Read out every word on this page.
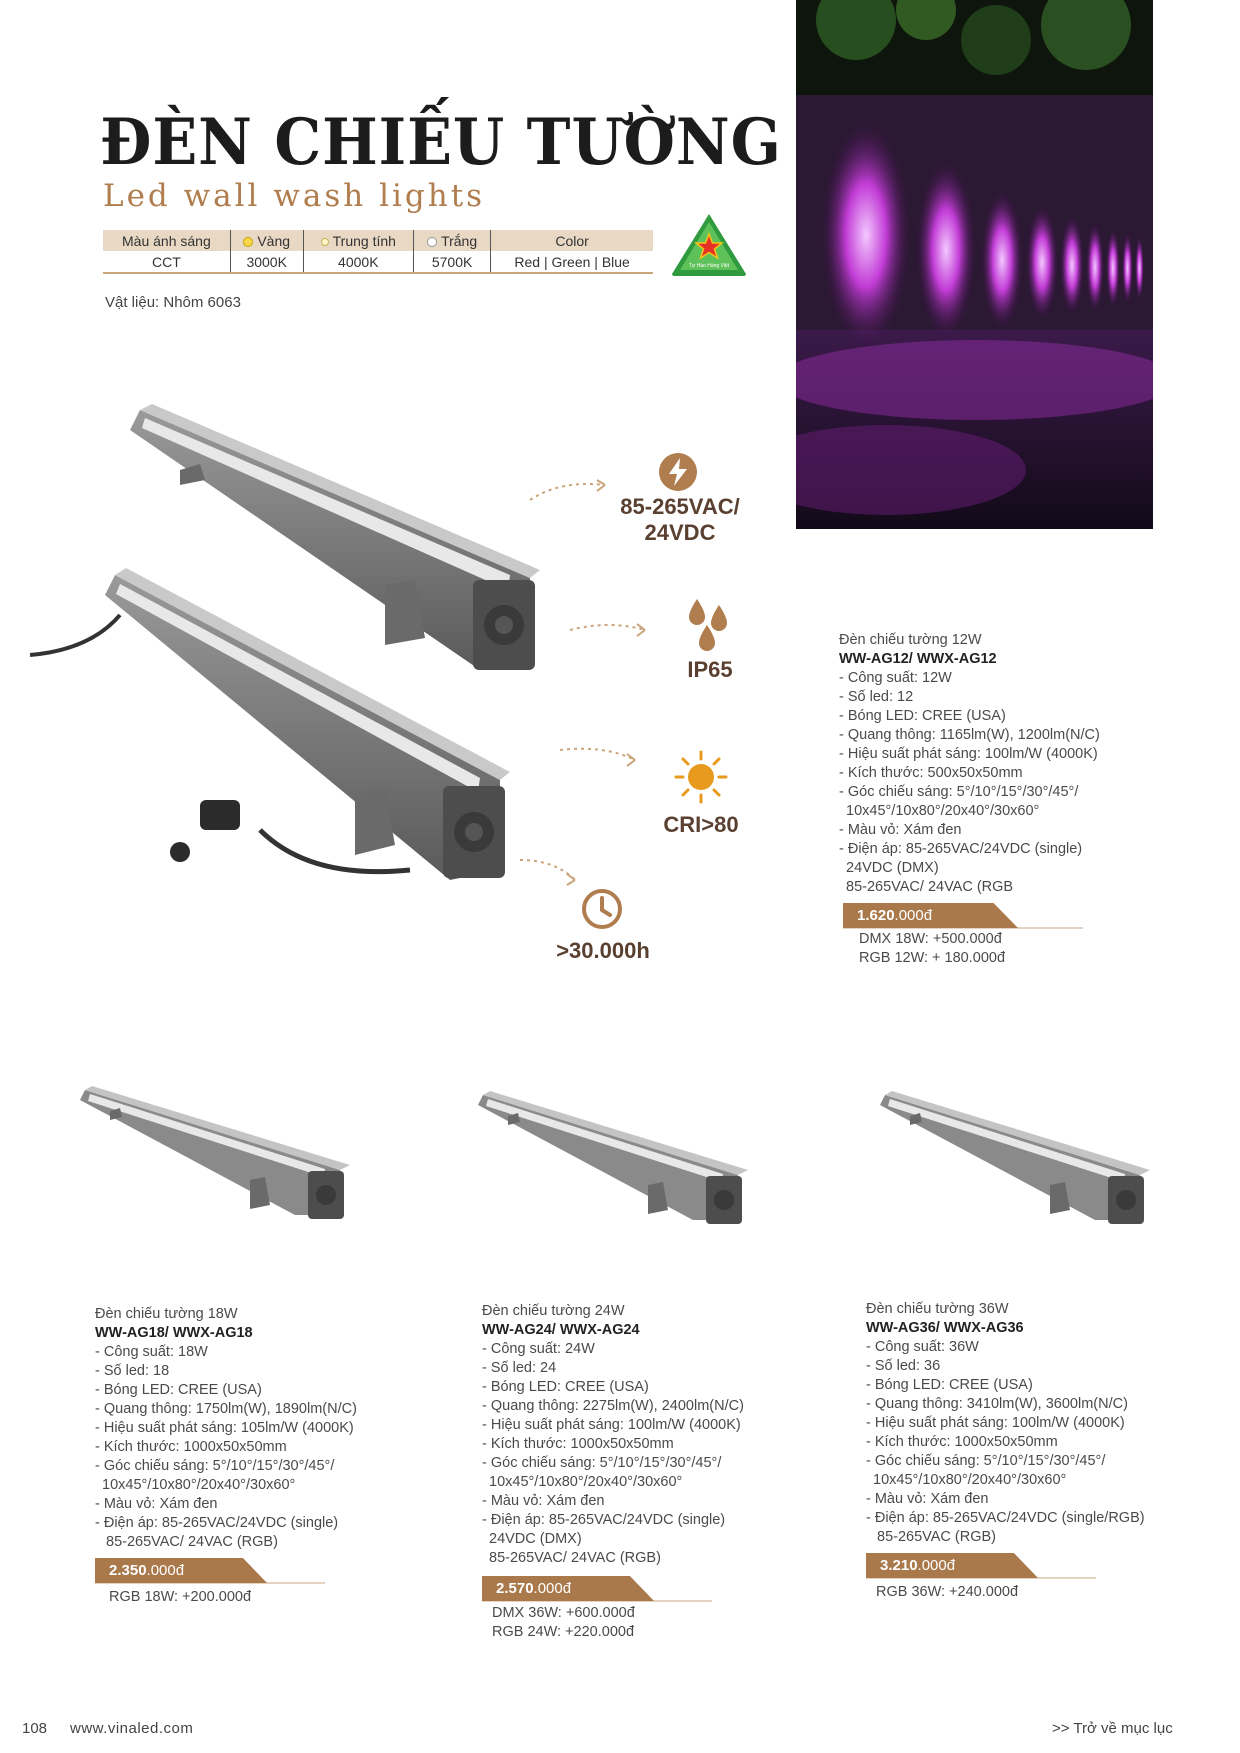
ĐÈN CHIẾU TƯỜNG
Led wall wash lights
Màu ánh sáng	Vàng	Trung tính	Trắng	Color
CCT	3000K	4000K	5700K	Red | Green | Blue	Tự Hào Hàng Việt
Vật liệu: Nhôm 6063
85-265VAC/
24VDC
IP65
CRI>80
>30.000h
Đèn chiếu tường 12W
WW-AG12/ WWX-AG12
- Công suất: 12W
- Số led: 12
- Bóng LED: CREE (USA)
- Quang thông: 1165lm(W), 1200lm(N/C)
- Hiệu suất phát sáng: 100lm/W (4000K)
- Kích thước: 500x50x50mm
- Góc chiếu sáng: 5°/10°/15°/30°/45°/
10x45°/10x80°/20x40°/30x60°
- Màu vỏ: Xám đen
- Điện áp: 85-265VAC/24VDC (single)
24VDC (DMX)
85-265VAC/ 24VAC (RGB
1.620.000đ
DMX 18W: +500.000đ
RGB 12W: + 180.000đ
Đèn chiếu tường 18W
WW-AG18/ WWX-AG18
- Công suất: 18W
- Số led: 18
- Bóng LED: CREE (USA)
- Quang thông: 1750lm(W), 1890lm(N/C)
- Hiệu suất phát sáng: 105lm/W (4000K)
- Kích thước: 1000x50x50mm
- Góc chiếu sáng: 5°/10°/15°/30°/45°/
10x45°/10x80°/20x40°/30x60°
- Màu vỏ: Xám đen
- Điện áp: 85-265VAC/24VDC (single)
85-265VAC/ 24VAC (RGB)
2.350.000đ
RGB 18W: +200.000đ
Đèn chiếu tường 24W
WW-AG24/ WWX-AG24
- Công suất: 24W
- Số led: 24
- Bóng LED: CREE (USA)
- Quang thông: 2275lm(W), 2400lm(N/C)
- Hiệu suất phát sáng: 100lm/W (4000K)
- Kích thước: 1000x50x50mm
- Góc chiếu sáng: 5°/10°/15°/30°/45°/
10x45°/10x80°/20x40°/30x60°
- Màu vỏ: Xám đen
- Điện áp: 85-265VAC/24VDC (single)
24VDC (DMX)
85-265VAC/ 24VAC (RGB)
2.570.000đ
DMX 36W: +600.000đ
RGB 24W: +220.000đ
Đèn chiếu tường 36W
WW-AG36/ WWX-AG36
- Công suất: 36W
- Số led: 36
- Bóng LED: CREE (USA)
- Quang thông: 3410lm(W), 3600lm(N/C)
- Hiệu suất phát sáng: 100lm/W (4000K)
- Kích thước: 1000x50x50mm
- Góc chiếu sáng: 5°/10°/15°/30°/45°/
10x45°/10x80°/20x40°/30x60°
- Màu vỏ: Xám đen
- Điện áp: 85-265VAC/24VDC (single/RGB)
85-265VAC (RGB)
3.210.000đ
RGB 36W: +240.000đ
108 www.vinaled.com	>> Trở về mục lục
